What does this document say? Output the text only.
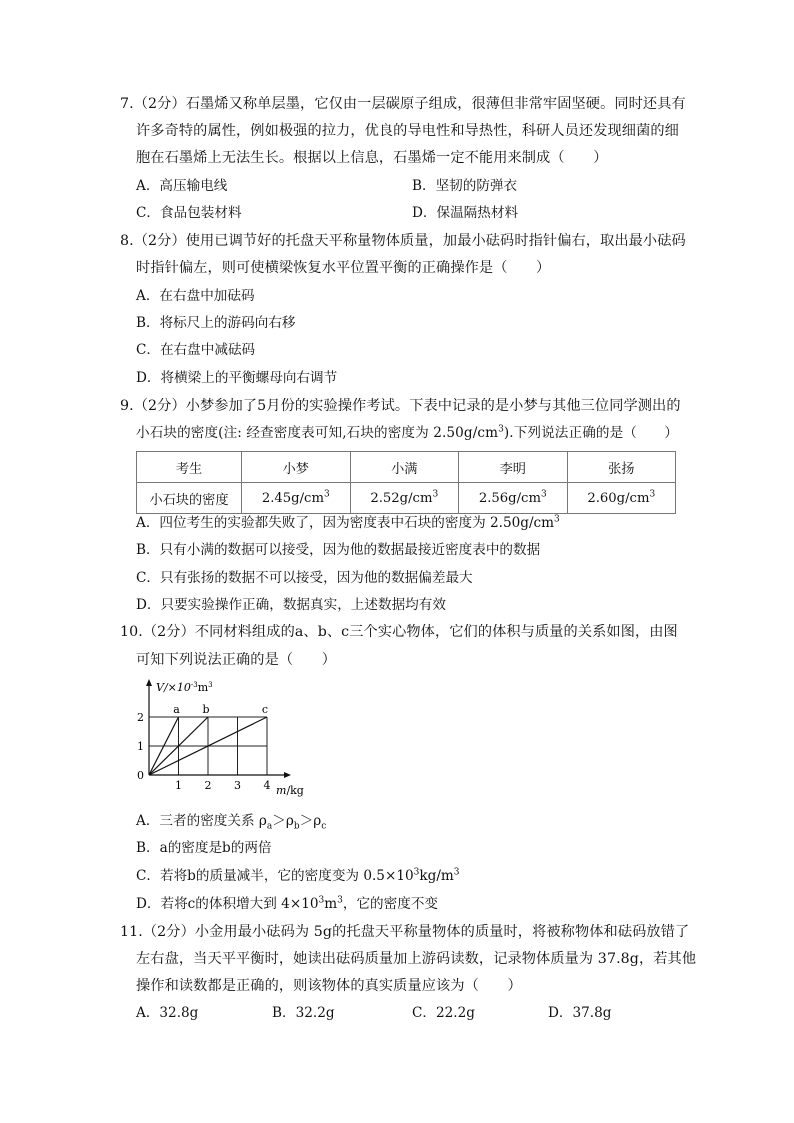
7.（2分）石墨烯又称单层墨，它仅由一层碳原子组成，很薄但非常牢固坚硬。同时还具有
许多奇特的属性，例如极强的拉力，优良的导电性和导热性，科研人员还发现细菌的细
胞在石墨烯上无法生长。根据以上信息，石墨烯一定不能用来制成（　　）
A．高压输电线	B．坚韧的防弹衣
C．食品包装材料	D．保温隔热材料
8.（2分）使用已调节好的托盘天平称量物体质量，加最小砝码时指针偏右，取出最小砝码
时指针偏左，则可使横梁恢复水平位置平衡的正确操作是（　　）
A．在右盘中加砝码
B．将标尺上的游码向右移
C．在右盘中减砝码
D．将横梁上的平衡螺母向右调节
9.（2分）小梦参加了5月份的实验操作考试。下表中记录的是小梦与其他三位同学测出的
小石块的密度(注: 经查密度表可知,石块的密度为 $2.50g/cm^3$).下列说法正确的是（　　）
考生	小梦	小满	李明	张扬
小石块的密度	$2.45g/cm^3$	$2.52g/cm^3$	$2.56g/cm^3$	$2.60g/cm^3$
A．四位考生的实验都失败了，因为密度表中石块的密度为 $2.50g/cm^3$
B．只有小满的数据可以接受，因为他的数据最接近密度表中的数据
C．只有张扬的数据不可以接受，因为他的数据偏差最大
D．只要实验操作正确，数据真实，上述数据均有效
10.（2分）不同材料组成的a、b、c三个实心物体，它们的体积与质量的关系如图，由图
可知下列说法正确的是（　　）
a b	c
1 2 3 4
1
2
0
$V/\times 10^{-3}m^3$
m/kg
A．三者的密度关系 $\rho_a>\rho_b>\rho_c$
B．a的密度是b的两倍
C．若将b的质量减半，它的密度变为 $0.5\times 10^3kg/m^3$
D．若将c的体积增大到 $4\times 10^3m^3$，它的密度不变
11.（2分）小金用最小砝码为 5g的托盘天平称量物体的质量时，将被称物体和砝码放错了
左右盘，当天平平衡时，她读出砝码质量加上游码读数，记录物体质量为 37.8g，若其他
操作和读数都是正确的，则该物体的真实质量应该为（　　）
A．32.8g	B．32.2g	C．22.2g	D．37.8g
